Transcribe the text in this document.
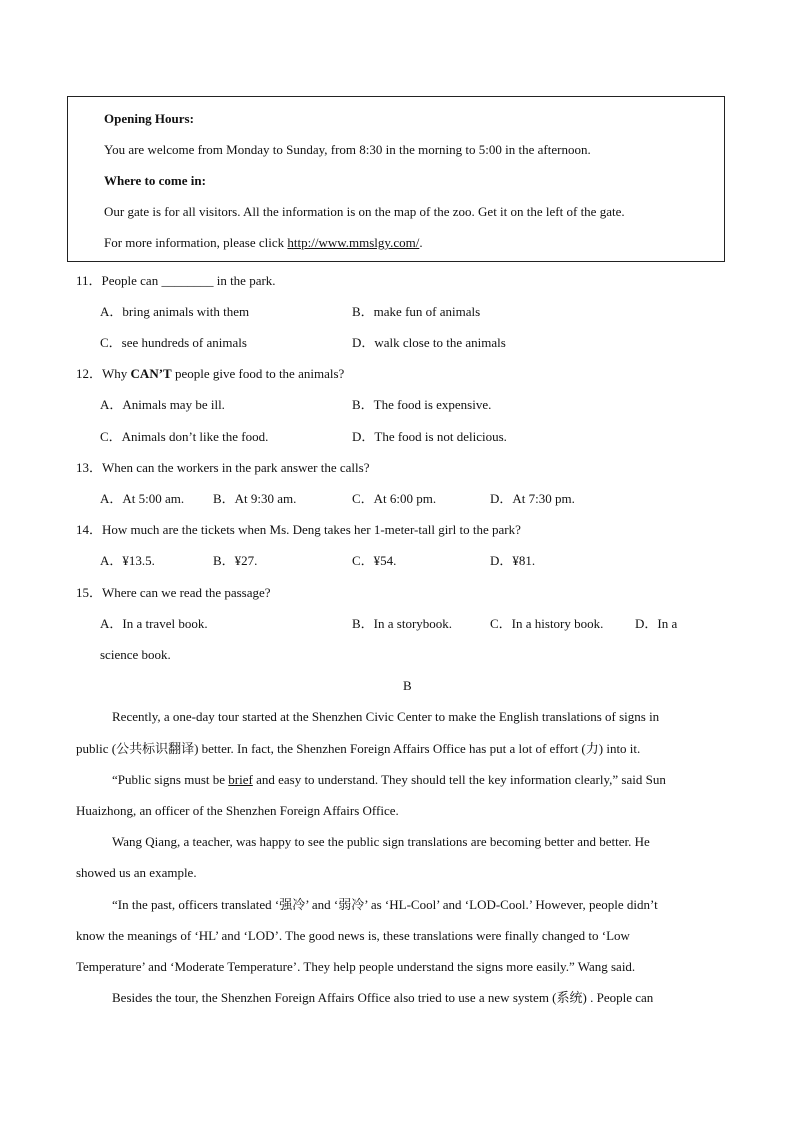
Opening Hours:
You are welcome from Monday to Sunday, from 8:30 in the morning to 5:00 in the afternoon.
Where to come in:
Our gate is for all visitors. All the information is on the map of the zoo. Get it on the left of the gate.
For more information, please click http://www.mmslgy.com/.
11．People can ________ in the park.
A．bring animals with them	B．make fun of animals
C．see hundreds of animals	D．walk close to the animals
12．Why CAN’T people give food to the animals?
A．Animals may be ill.	B．The food is expensive.
C．Animals don’t like the food.	D．The food is not delicious.
13．When can the workers in the park answer the calls?
A．At 5:00 am. B．At 9:30 am.	C．At 6:00 pm.	D．At 7:30 pm.
14．How much are the tickets when Ms. Deng takes her 1-meter-tall girl to the park?
A．¥13.5.	B．¥27.	C．¥54.	D．¥81.
15．Where can we read the passage?
A．In a travel book.	B．In a storybook.	C．In a history book. D．In a
science book.
B
Recently, a one-day tour started at the Shenzhen Civic Center to make the English translations of signs in
public (公共标识翻译) better. In fact, the Shenzhen Foreign Affairs Office has put a lot of effort (力) into it.
“Public signs must be brief and easy to understand. They should tell the key information clearly,” said Sun
Huaizhong, an officer of the Shenzhen Foreign Affairs Office.
Wang Qiang, a teacher, was happy to see the public sign translations are becoming better and better. He
showed us an example.
“In the past, officers translated ‘强冷’ and ‘弱冷’ as ‘HL-Cool’ and ‘LOD-Cool.’ However, people didn’t
know the meanings of ‘HL’ and ‘LOD’. The good news is, these translations were finally changed to ‘Low
Temperature’ and ‘Moderate Temperature’. They help people understand the signs more easily.” Wang said.
Besides the tour, the Shenzhen Foreign Affairs Office also tried to use a new system (系统) . People can
